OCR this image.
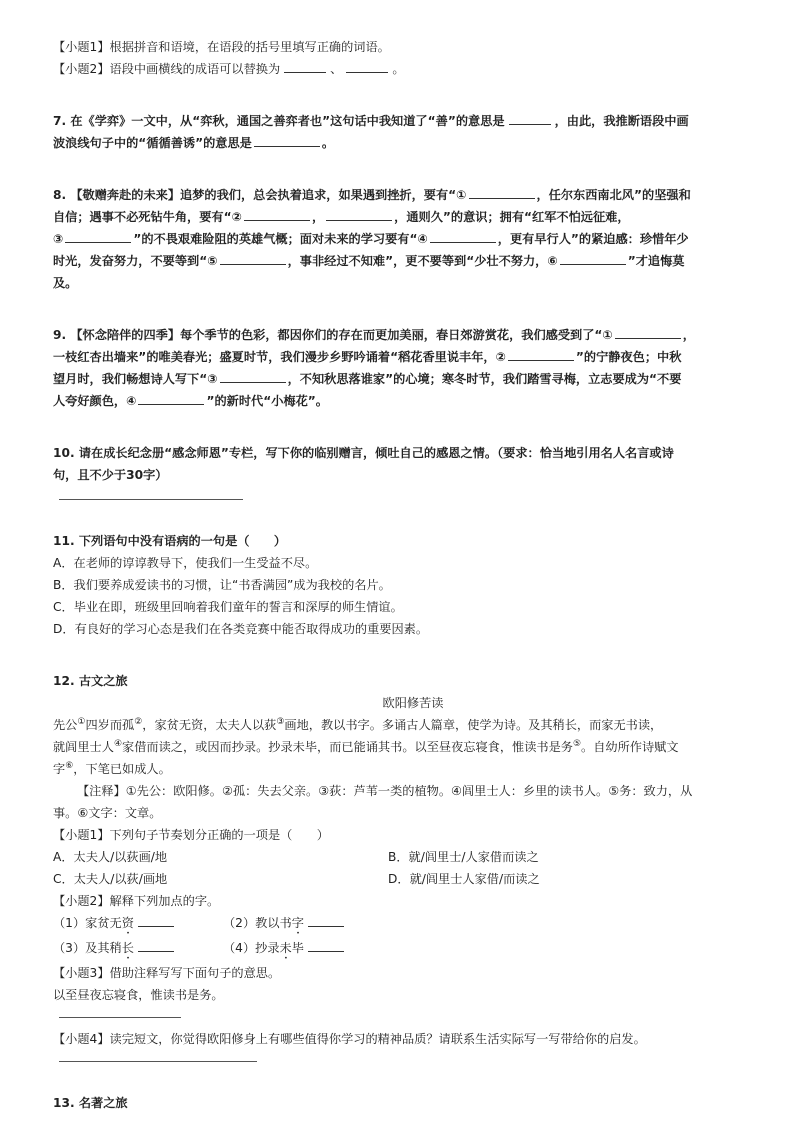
【小题1】根据拼音和语境，在语段的括号里填写正确的词语。
【小题2】语段中画横线的成语可以替换为	、	。
7. 在《学弈》一文中，从“弈秋，通国之善弈者也”这句话中我知道了“善”的意思是	，由此，我推断语段中画
波浪线句子中的“循循善诱”的意思是	。
8. 【敬赠奔赴的未来】追梦的我们，总会执着追求，如果遇到挫折，要有“①	，任尔东西南北风”的坚强和
自信；遇事不必死钻牛角，要有“②	，	，通则久”的意识；拥有“红军不怕远征难，
③	”的不畏艰难险阻的英雄气概；面对未来的学习要有“④	，更有早行人”的紧迫感：珍惜年少
时光，发奋努力，不要等到“⑤	，事非经过不知难”，更不要等到“少壮不努力，⑥	”才追悔莫
及。
9. 【怀念陪伴的四季】每个季节的色彩，都因你们的存在而更加美丽，春日郊游赏花，我们感受到了“①	，
一枝红杏出墙来”的唯美春光；盛夏时节，我们漫步乡野吟诵着“稻花香里说丰年，②	”的宁静夜色；中秋
望月时，我们畅想诗人写下“③	，不知秋思落谁家”的心境；寒冬时节，我们踏雪寻梅，立志要成为“不要
人夸好颜色，④	”的新时代“小梅花”。
10. 请在成长纪念册“感念师恩”专栏，写下你的临别赠言，倾吐自己的感恩之情。（要求：恰当地引用名人名言或诗
句，且不少于30字）
11. 下列语句中没有语病的一句是（　　）
A．在老师的谆谆教导下，使我们一生受益不尽。
B．我们要养成爱读书的习惯，让“书香满园”成为我校的名片。
C．毕业在即，班级里回响着我们童年的誓言和深厚的师生情谊。
D．有良好的学习心态是我们在各类竞赛中能否取得成功的重要因素。
12. 古文之旅
欧阳修苦读
先公①四岁而孤②，家贫无资，太夫人以荻③画地，教以书字。多诵古人篇章，使学为诗。及其稍长，而家无书读，
就闾里士人④家借而读之，或因而抄录。抄录未毕，而已能诵其书。以至昼夜忘寝食，惟读书是务⑤。自幼所作诗赋文
字⑥，下笔已如成人。
【注释】①先公：欧阳修。②孤：失去父亲。③荻：芦苇一类的植物。④闾里士人：乡里的读书人。⑤务：致力，从
事。⑥文字：文章。
【小题1】下列句子节奏划分正确的一项是（　　）
A．太夫人/以荻画/地	B．就/闾里士/人家借而读之
C．太夫人/以荻/画地	D．就/闾里士人家借/而读之
【小题2】解释下列加点的字。
（1）家贫无资	（2）教以书字
（3）及其稍长	（4）抄录未毕
【小题3】借助注释写写下面句子的意思。
以至昼夜忘寝食，惟读书是务。
【小题4】读完短文，你觉得欧阳修身上有哪些值得你学习的精神品质？请联系生活实际写一写带给你的启发。
13. 名著之旅
